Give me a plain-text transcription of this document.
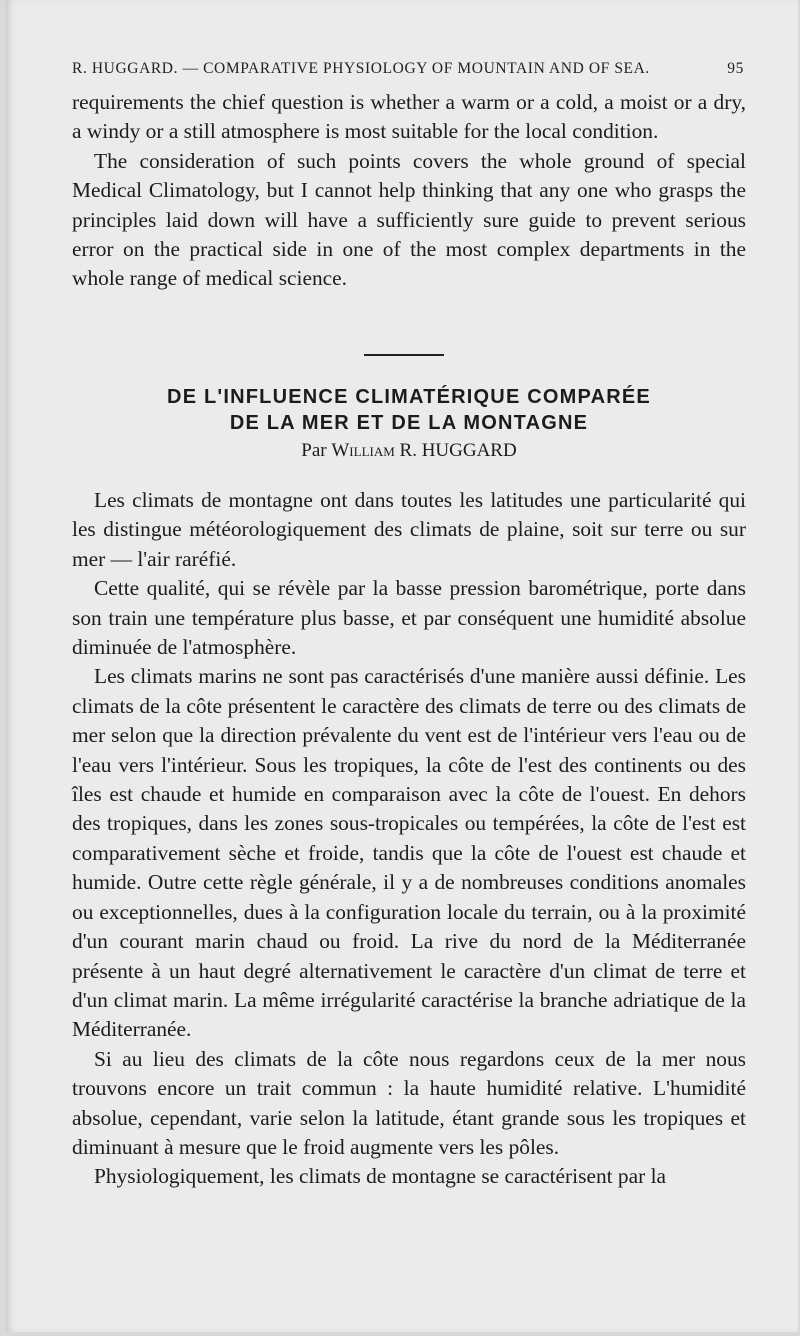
R. HUGGARD. — COMPARATIVE PHYSIOLOGY OF MOUNTAIN AND OF SEA.	95

requirements the chief question is whether a warm or a cold, a moist or a dry, a windy or a still atmosphere is most suitable for the local condition.

The consideration of such points covers the whole ground of special Medical Climatology, but I cannot help thinking that any one who grasps the principles laid down will have a sufficiently sure guide to prevent serious error on the practical side in one of the most complex departments in the whole range of medical science.

DE L'INFLUENCE CLIMATÉRIQUE COMPARÉE
DE LA MER ET DE LA MONTAGNE
Par William R. HUGGARD

Les climats de montagne ont dans toutes les latitudes une particularité qui les distingue météorologiquement des climats de plaine, soit sur terre ou sur mer — l'air raréfié.

Cette qualité, qui se révèle par la basse pression barométrique, porte dans son train une température plus basse, et par conséquent une humidité absolue diminuée de l'atmosphère.

Les climats marins ne sont pas caractérisés d'une manière aussi définie. Les climats de la côte présentent le caractère des climats de terre ou des climats de mer selon que la direction prévalente du vent est de l'intérieur vers l'eau ou de l'eau vers l'intérieur. Sous les tropiques, la côte de l'est des continents ou des îles est chaude et humide en comparaison avec la côte de l'ouest. En dehors des tropiques, dans les zones sous-tropicales ou tempérées, la côte de l'est est comparativement sèche et froide, tandis que la côte de l'ouest est chaude et humide. Outre cette règle générale, il y a de nombreuses conditions anomales ou exceptionnelles, dues à la configuration locale du terrain, ou à la proximité d'un courant marin chaud ou froid. La rive du nord de la Méditerranée présente à un haut degré alternativement le caractère d'un climat de terre et d'un climat marin. La même irrégularité caractérise la branche adriatique de la Méditerranée.

Si au lieu des climats de la côte nous regardons ceux de la mer nous trouvons encore un trait commun : la haute humidité relative. L'humidité absolue, cependant, varie selon la latitude, étant grande sous les tropiques et diminuant à mesure que le froid augmente vers les pôles.

Physiologiquement, les climats de montagne se caractérisent par la
